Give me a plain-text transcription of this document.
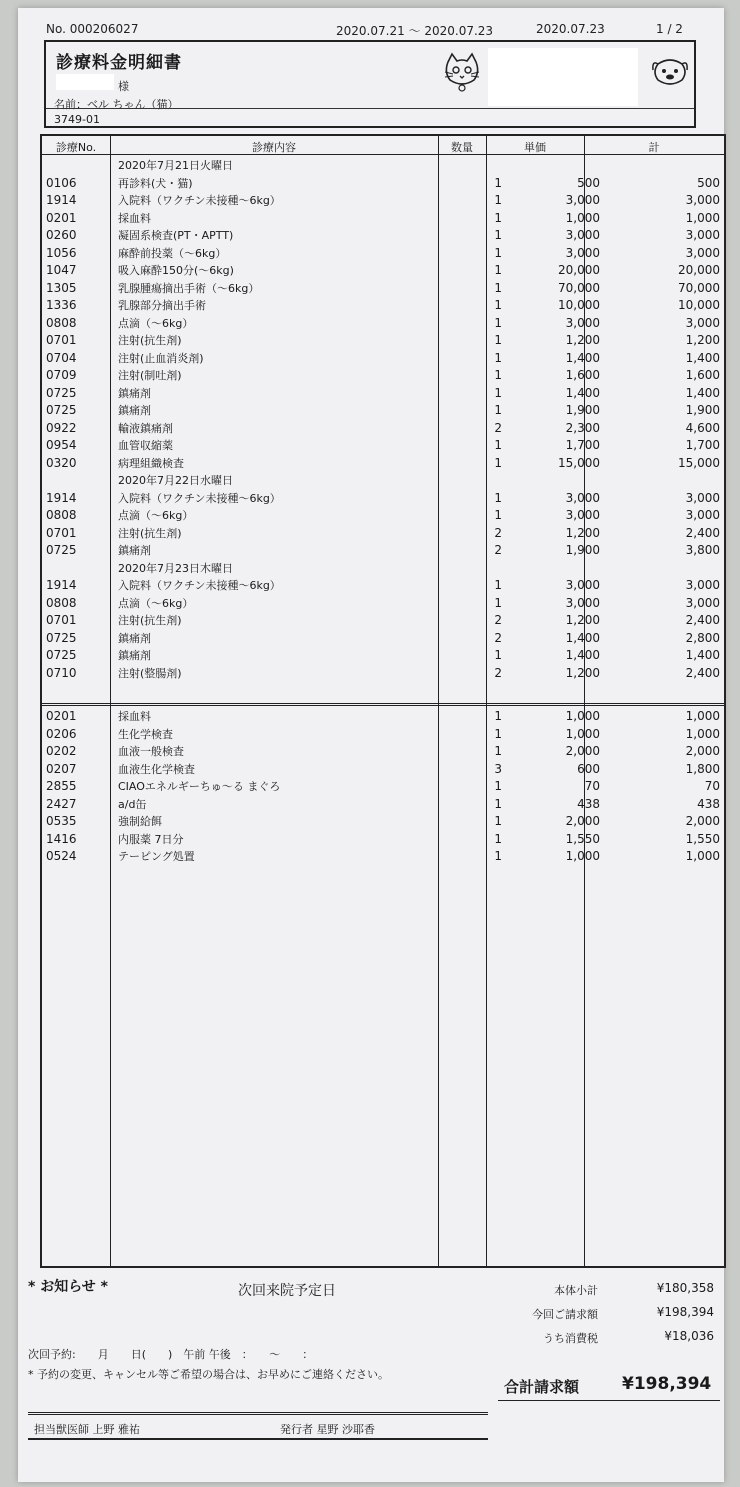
No. 000206027	2020.07.21 ～ 2020.07.23	2020.07.23	1 / 2
診療料金明細書
様
名前：ベル ちゃん（猫）
3749-01
診療No.	診療内容	数量	単価	計
2020年7月21日火曜日
0106	再診料(犬・猫)	1	500	500
1914	入院料（ワクチン未接種～6kg）	1	3,000	3,000
0201	採血料	1	1,000	1,000
0260	凝固系検査(PT・APTT)	1	3,000	3,000
1056	麻酔前投薬（～6kg）	1	3,000	3,000
1047	吸入麻酔150分(～6kg)	1	20,000	20,000
1305	乳腺腫瘍摘出手術（～6kg）	1	70,000	70,000
1336	乳腺部分摘出手術	1	10,000	10,000
0808	点滴（～6kg）	1	3,000	3,000
0701	注射(抗生剤)	1	1,200	1,200
0704	注射(止血消炎剤)	1	1,400	1,400
0709	注射(制吐剤)	1	1,600	1,600
0725	鎮痛剤	1	1,400	1,400
0725	鎮痛剤	1	1,900	1,900
0922	輸液鎮痛剤	2	2,300	4,600
0954	血管収縮薬	1	1,700	1,700
0320	病理組織検査	1	15,000	15,000
2020年7月22日水曜日
1914	入院料（ワクチン未接種～6kg）	1	3,000	3,000
0808	点滴（～6kg）	1	3,000	3,000
0701	注射(抗生剤)	2	1,200	2,400
0725	鎮痛剤	2	1,900	3,800
2020年7月23日木曜日
1914	入院料（ワクチン未接種～6kg）	1	3,000	3,000
0808	点滴（～6kg）	1	3,000	3,000
0701	注射(抗生剤)	2	1,200	2,400
0725	鎮痛剤	2	1,400	2,800
0725	鎮痛剤	1	1,400	1,400
0710	注射(整腸剤)	2	1,200	2,400
0201	採血料	1	1,000	1,000
0206	生化学検査	1	1,000	1,000
0202	血液一般検査	1	2,000	2,000
0207	血液生化学検査	3	600	1,800
2855	CIAOエネルギーちゅ～る まぐろ	1	70	70
2427	a/d缶	1	438	438
0535	強制給餌	1	2,000	2,000
1416	内服薬 7日分	1	1,550	1,550
0524	テーピング処置	1	1,000	1,000
* お知らせ *	次回来院予定日
次回予約:　　月　　日(　　)　午前 午後　：　　～　　：
* 予約の変更、キャンセル等ご希望の場合は、お早めにご連絡ください。
本体小計	¥180,358
今回ご請求額	¥198,394
うち消費税	¥18,036
合計請求額	¥198,394
担当獣医師 上野 雅祐	発行者 星野 沙耶香
